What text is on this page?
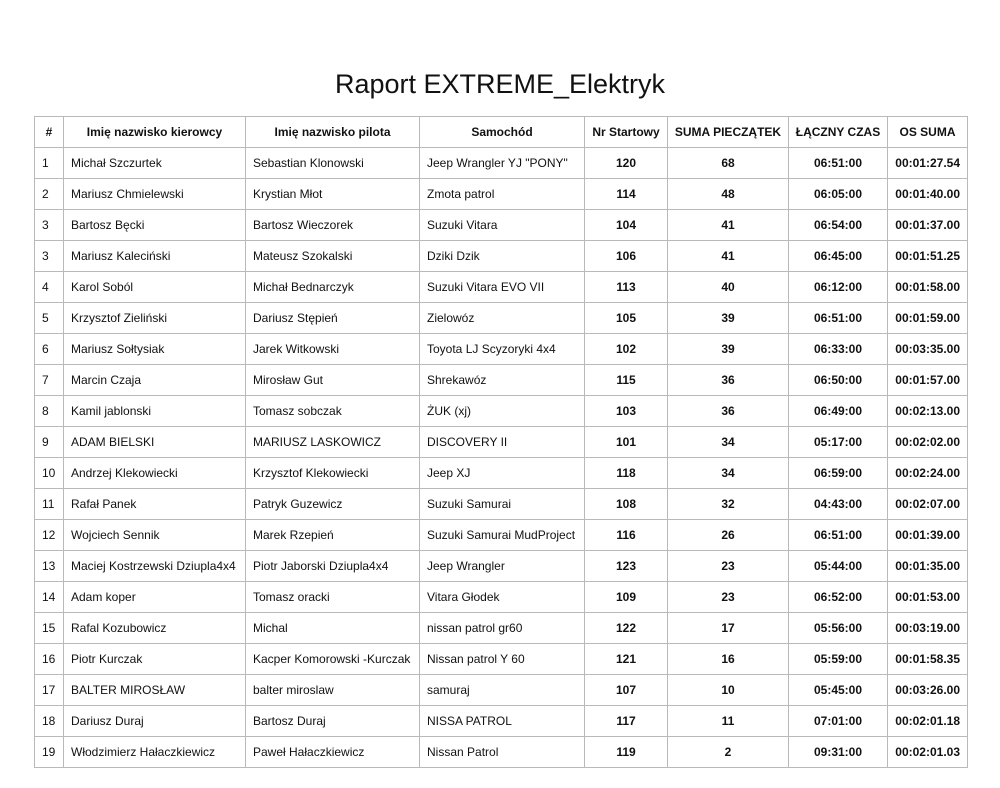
Raport EXTREME_Elektryk
#	Imię nazwisko kierowcy	Imię nazwisko pilota	Samochód	Nr Startowy	SUMA PIECZĄTEK	ŁĄCZNY CZAS	OS SUMA
1	Michał Szczurtek	Sebastian Klonowski	Jeep Wrangler YJ "PONY"	120	68	06:51:00	00:01:27.54
2	Mariusz Chmielewski	Krystian Młot	Zmota patrol	114	48	06:05:00	00:01:40.00
3	Bartosz Bęcki	Bartosz Wieczorek	Suzuki Vitara	104	41	06:54:00	00:01:37.00
3	Mariusz Kaleciński	Mateusz Szokalski	Dziki Dzik	106	41	06:45:00	00:01:51.25
4	Karol Soból	Michał Bednarczyk	Suzuki Vitara EVO VII	113	40	06:12:00	00:01:58.00
5	Krzysztof Zieliński	Dariusz Stępień	Zielowóz	105	39	06:51:00	00:01:59.00
6	Mariusz Sołtysiak	Jarek Witkowski	Toyota LJ Scyzoryki 4x4	102	39	06:33:00	00:03:35.00
7	Marcin Czaja	Mirosław Gut	Shrekawóz	115	36	06:50:00	00:01:57.00
8	Kamil jablonski	Tomasz sobczak	ŻUK (xj)	103	36	06:49:00	00:02:13.00
9	ADAM BIELSKI	MARIUSZ LASKOWICZ	DISCOVERY II	101	34	05:17:00	00:02:02.00
10	Andrzej Klekowiecki	Krzysztof Klekowiecki	Jeep XJ	118	34	06:59:00	00:02:24.00
11	Rafał Panek	Patryk Guzewicz	Suzuki Samurai	108	32	04:43:00	00:02:07.00
12	Wojciech Sennik	Marek Rzepień	Suzuki Samurai MudProject	116	26	06:51:00	00:01:39.00
13	Maciej Kostrzewski Dziupla4x4	Piotr Jaborski Dziupla4x4	Jeep Wrangler	123	23	05:44:00	00:01:35.00
14	Adam koper	Tomasz oracki	Vitara Głodek	109	23	06:52:00	00:01:53.00
15	Rafal Kozubowicz	Michal	nissan patrol gr60	122	17	05:56:00	00:03:19.00
16	Piotr Kurczak	Kacper Komorowski -Kurczak	Nissan patrol Y 60	121	16	05:59:00	00:01:58.35
17	BALTER MIROSŁAW	balter miroslaw	samuraj	107	10	05:45:00	00:03:26.00
18	Dariusz Duraj	Bartosz Duraj	NISSA PATROL	117	11	07:01:00	00:02:01.18
19	Włodzimierz Hałaczkiewicz	Paweł Hałaczkiewicz	Nissan Patrol	119	2	09:31:00	00:02:01.03
